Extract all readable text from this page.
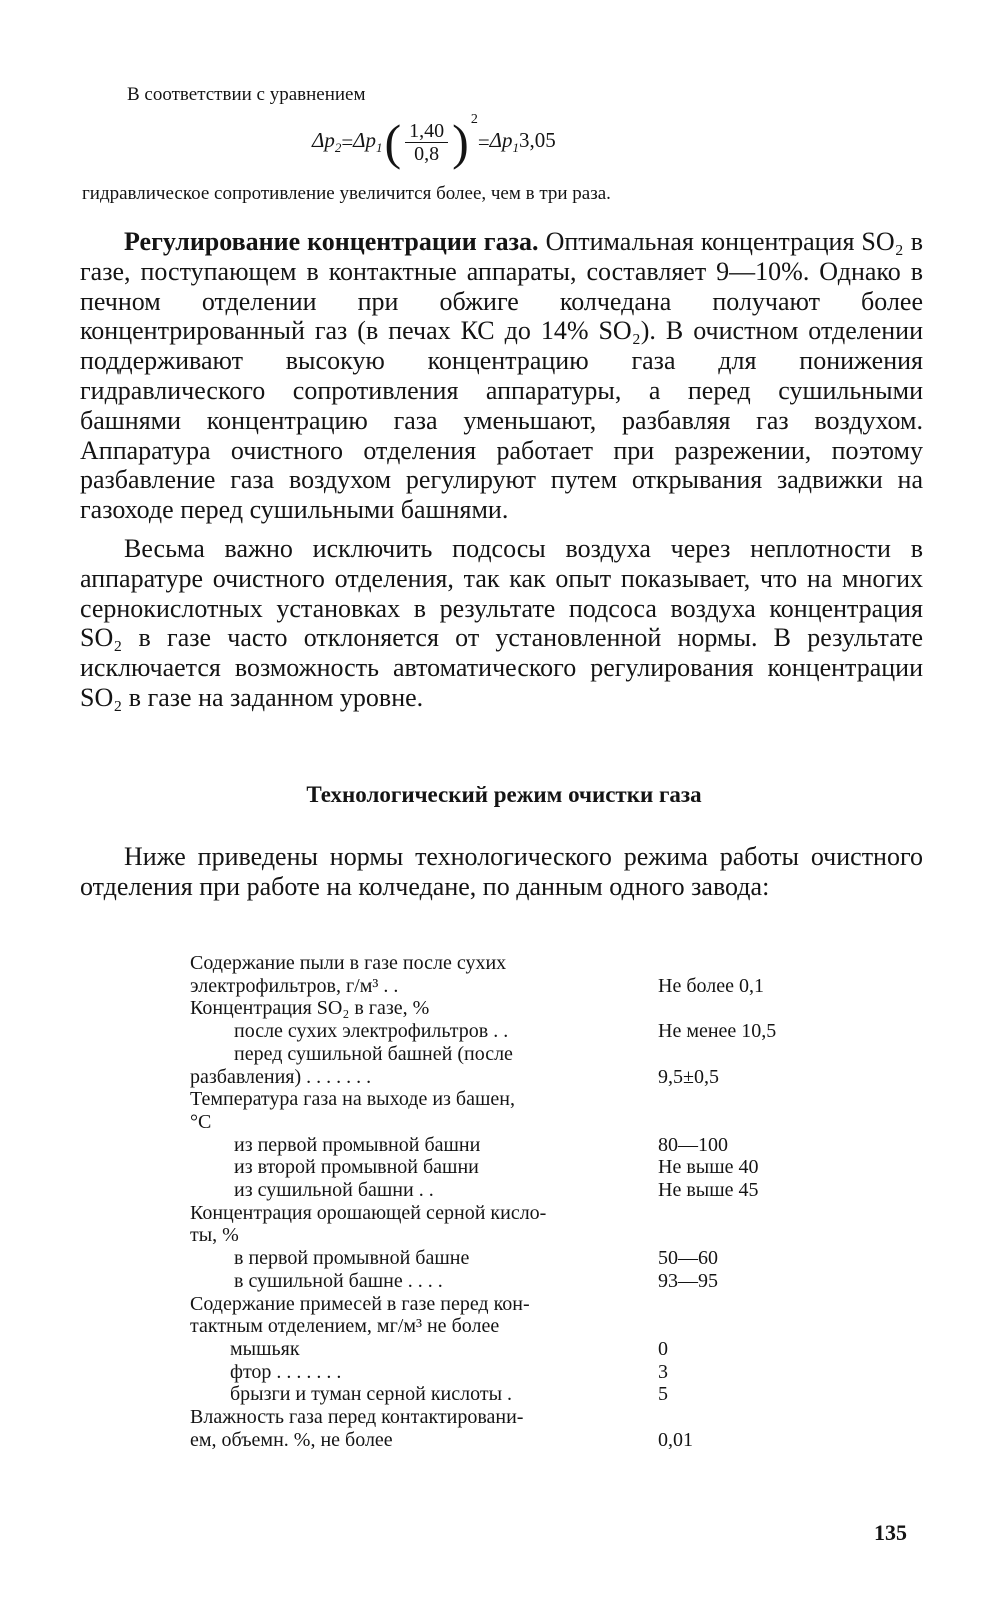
В соответствии с уравнением
$\Delta p_2 = \Delta p_1$ ( $\frac{1,40}{0,8}$ ) 2
= $\Delta p_13,05$
гидравлическое сопротивление увеличится более, чем в три раза.

Регулирование концентрации газа. Оптимальная концентрация SO₂ в газе, поступающем в контактные аппараты, составляет 9—10%. Однако в печном отделении при обжиге колчедана получают более концентрированный газ (в печах КС до 14% SO₂). В очистном отделении поддерживают высокую концентрацию газа для понижения гидравлического сопротивления аппаратуры, а перед сушильными башнями концентрацию газа уменьшают, разбавляя газ воздухом. Аппаратура очистного отделения работает при разрежении, поэтому разбавление газа воздухом регулируют путем открывания задвижки на газоходе перед сушильными башнями.

Весьма важно исключить подсосы воздуха через неплотности в аппаратуре очистного отделения, так как опыт показывает, что на многих сернокислотных установках в результате подсоса воздуха концентрация SO₂ в газе часто отклоняется от установленной нормы. В результате исключается возможность автоматического регулирования концентрации SO₂ в газе на заданном уровне.

Технологический режим очистки газа

Ниже приведены нормы технологического режима работы очистного отделения при работе на колчедане, по данным одного завода:

Содержание пыли в газе после сухих
электрофильтров, г/м³ . .	Не более 0,1
Концентрация SO₂ в газе, %
после сухих электрофильтров . .	Не менее 10,5
перед сушильной башней (после
разбавления) . . . . . . .	9,5±0,5
Температура газа на выходе из башен,
°С
из первой промывной башни	80—100
из второй промывной башни	Не выше 40
из сушильной башни . .	Не выше 45
Концентрация орошающей серной кисло-
ты, %
в первой промывной башне	50—60
в сушильной башне . . . .	93—95
Содержание примесей в газе перед кон-
тактным отделением, мг/м³ не более
мышьяк	0
фтор . . . . . . .	3
брызги и туман серной кислоты .	5
Влажность газа перед контактировани-
ем, объемн. %, не более	0,01
135
